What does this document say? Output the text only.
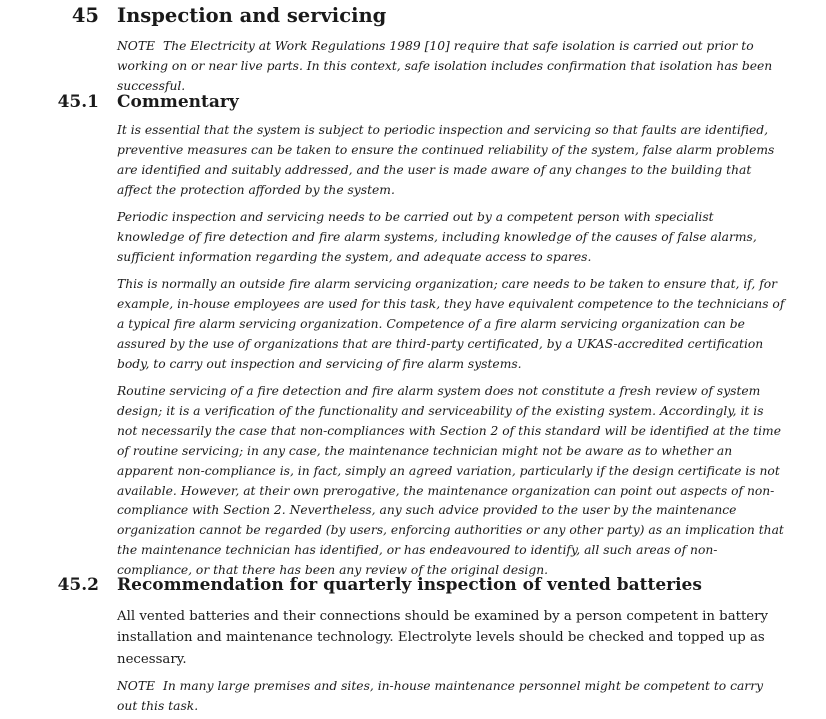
45 Inspection and servicing

NOTE The Electricity at Work Regulations 1989 [10] require that safe isolation is carried out prior to working on or near live parts. In this context, safe isolation includes confirmation that isolation has been successful.

45.1 Commentary

It is essential that the system is subject to periodic inspection and servicing so that faults are identified, preventive measures can be taken to ensure the continued reliability of the system, false alarm problems are identified and suitably addressed, and the user is made aware of any changes to the building that affect the protection afforded by the system.

Periodic inspection and servicing needs to be carried out by a competent person with specialist knowledge of fire detection and fire alarm systems, including knowledge of the causes of false alarms, sufficient information regarding the system, and adequate access to spares.

This is normally an outside fire alarm servicing organization; care needs to be taken to ensure that, if, for example, in-house employees are used for this task, they have equivalent competence to the technicians of a typical fire alarm servicing organization. Competence of a fire alarm servicing organization can be assured by the use of organizations that are third-party certificated, by a UKAS-accredited certification body, to carry out inspection and servicing of fire alarm systems.

Routine servicing of a fire detection and fire alarm system does not constitute a fresh review of system design; it is a verification of the functionality and serviceability of the existing system. Accordingly, it is not necessarily the case that non-compliances with Section 2 of this standard will be identified at the time of routine servicing; in any case, the maintenance technician might not be aware as to whether an apparent non-compliance is, in fact, simply an agreed variation, particularly if the design certificate is not available. However, at their own prerogative, the maintenance organization can point out aspects of non-compliance with Section 2. Nevertheless, any such advice provided to the user by the maintenance organization cannot be regarded (by users, enforcing authorities or any other party) as an implication that the maintenance technician has identified, or has endeavoured to identify, all such areas of non-compliance, or that there has been any review of the original design.

45.2 Recommendation for quarterly inspection of vented batteries

All vented batteries and their connections should be examined by a person competent in battery installation and maintenance technology. Electrolyte levels should be checked and topped up as necessary.

NOTE In many large premises and sites, in-house maintenance personnel might be competent to carry out this task.
